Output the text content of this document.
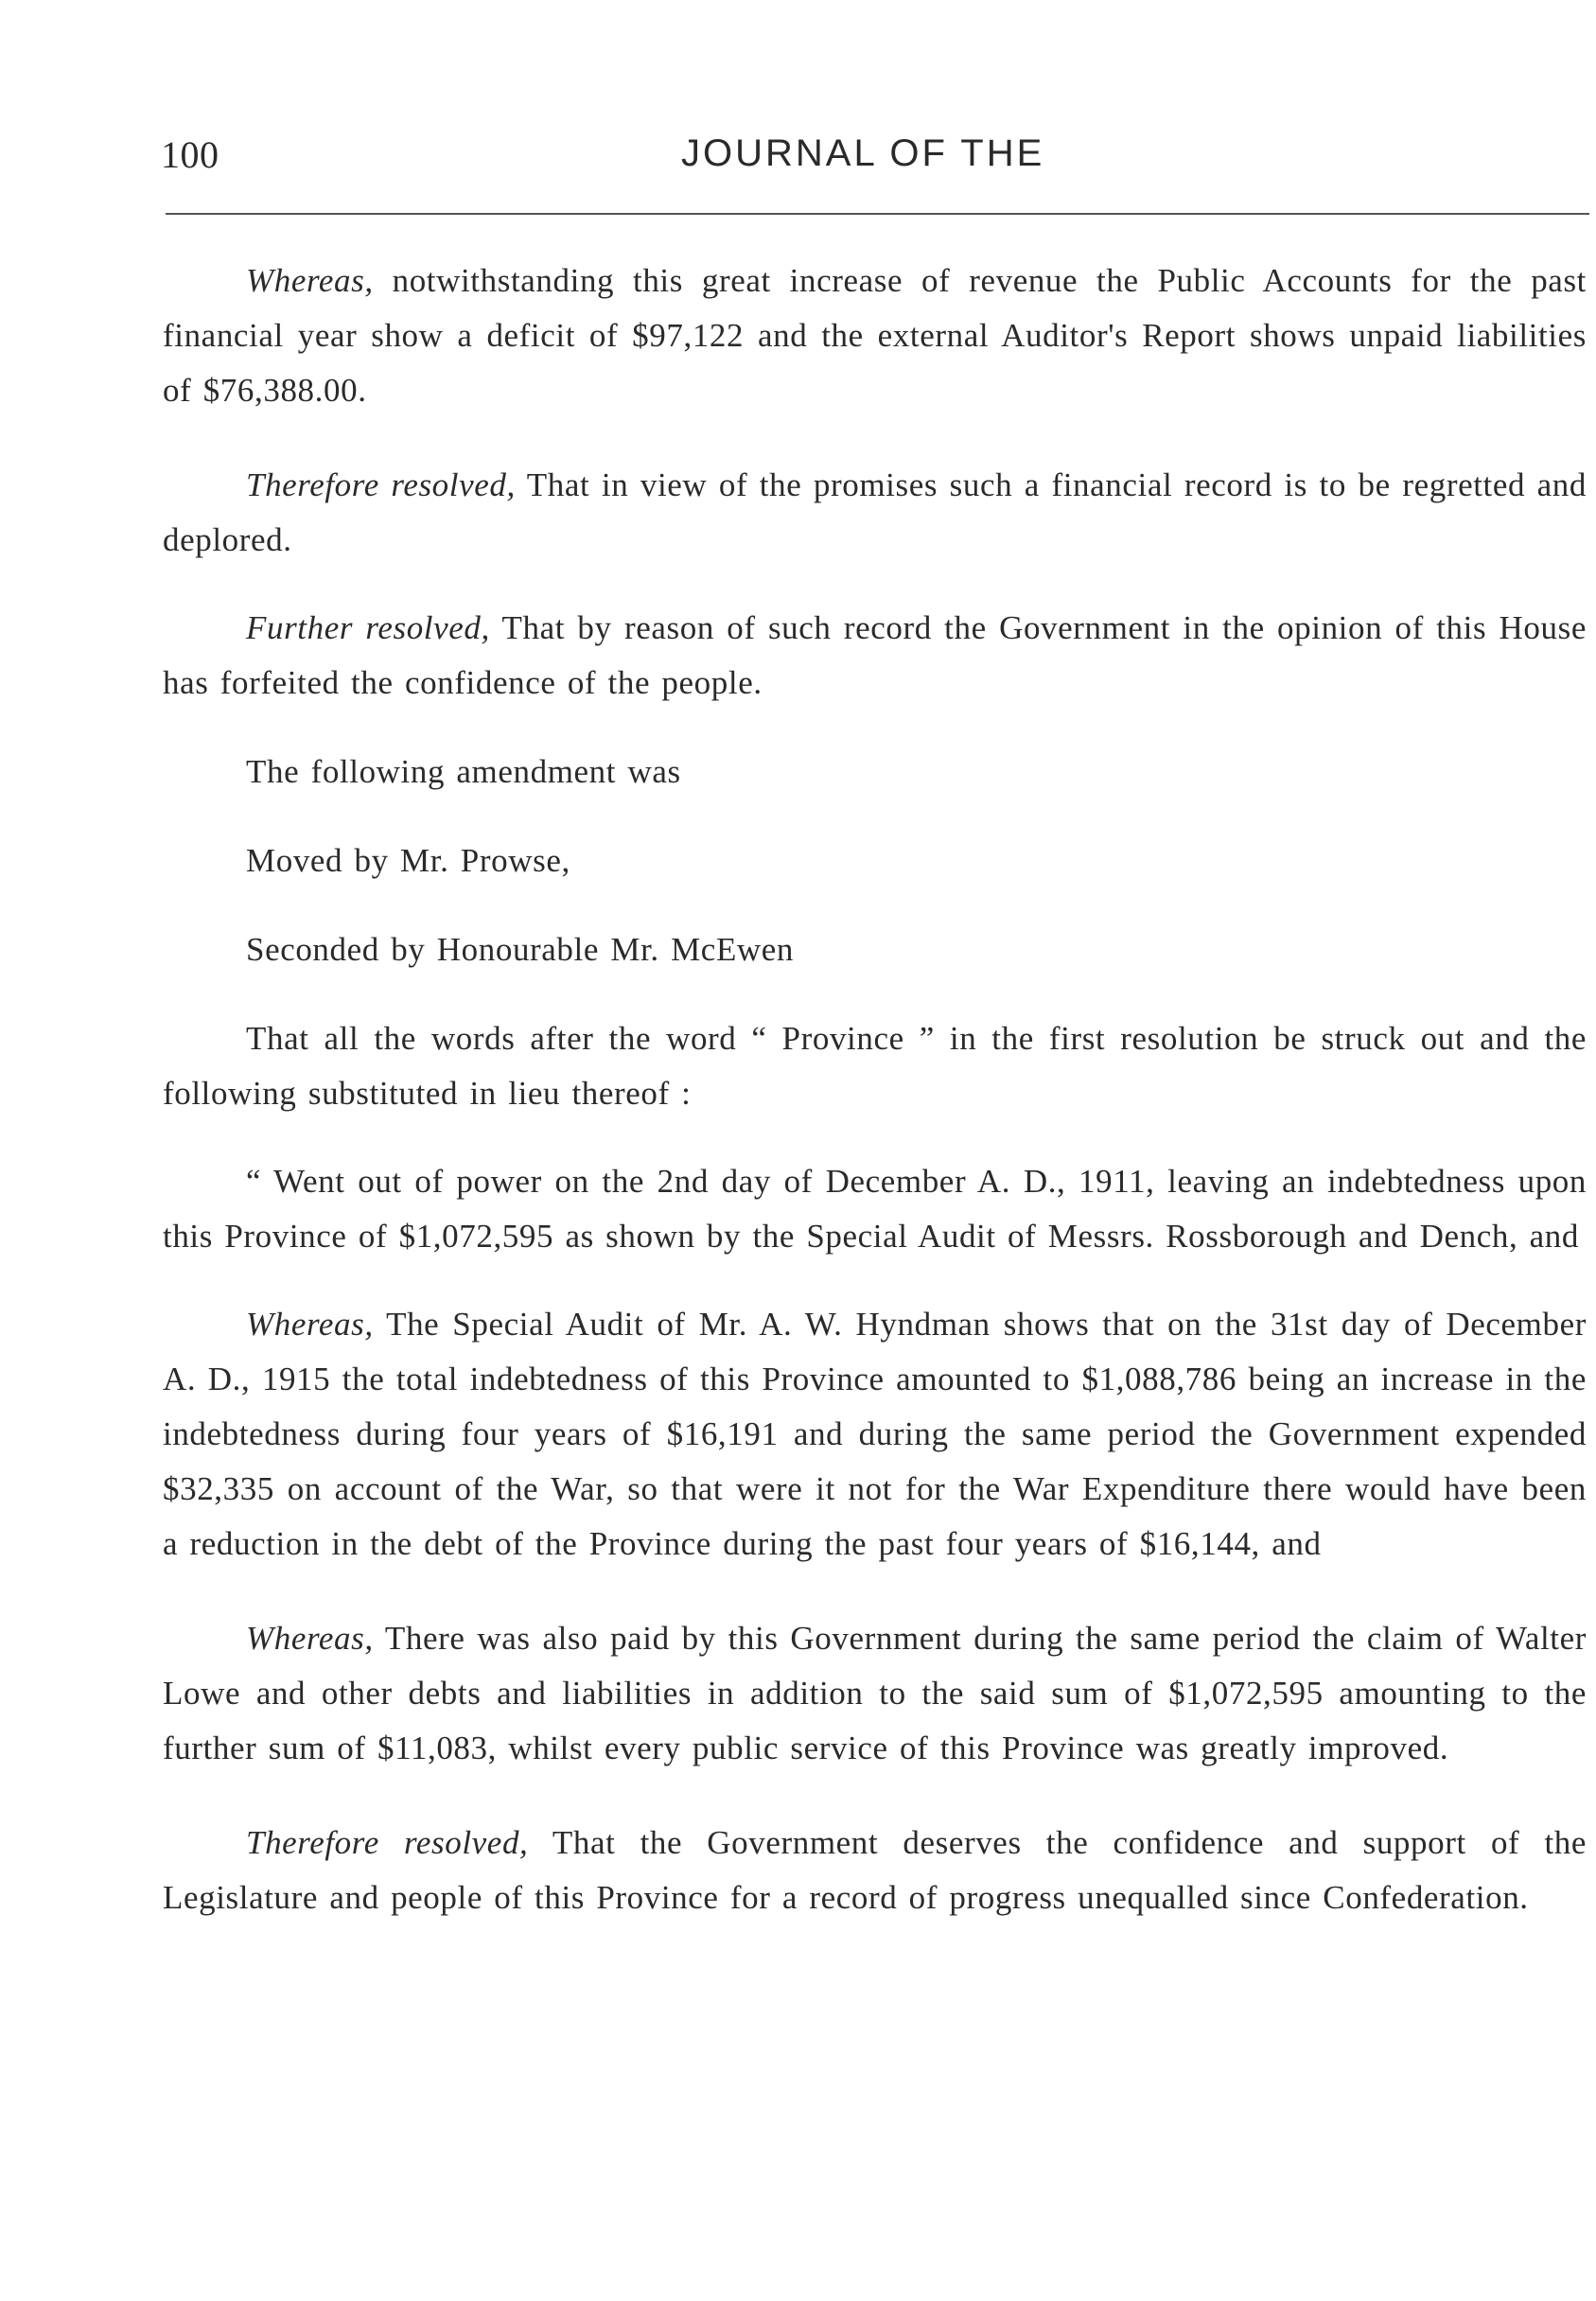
100	JOURNAL OF THE

Whereas, notwithstanding this great increase of revenue the Public Accounts for the past financial year show a deficit of $97,122 and the external Auditor's Report shows unpaid liabilities of $76,388.00.

Therefore resolved, That in view of the promises such a financial record is to be regretted and deplored.

Further resolved, That by reason of such record the Government in the opinion of this House has forfeited the confidence of the people.

The following amendment was

Moved by Mr. Prowse,

Seconded by Honourable Mr. McEwen

That all the words after the word “ Province ” in the first resolution be struck out and the following substituted in lieu thereof :

“ Went out of power on the 2nd day of December A. D., 1911, leaving an indebtedness upon this Province of $1,072,595 as shown by the Special Audit of Messrs. Rossborough and Dench, and

Whereas, The Special Audit of Mr. A. W. Hyndman shows that on the 31st day of December A. D., 1915 the total indebtedness of this Province amounted to $1,088,786 being an increase in the indebtedness during four years of $16,191 and during the same period the Government expended $32,335 on account of the War, so that were it not for the War Expenditure there would have been a reduction in the debt of the Province during the past four years of $16,144, and

Whereas, There was also paid by this Government during the same period the claim of Walter Lowe and other debts and liabilities in addition to the said sum of $1,072,595 amounting to the further sum of $11,083, whilst every public service of this Province was greatly improved.

Therefore resolved, That the Government deserves the confidence and support of the Legislature and people of this Province for a record of progress unequalled since Confederation.
